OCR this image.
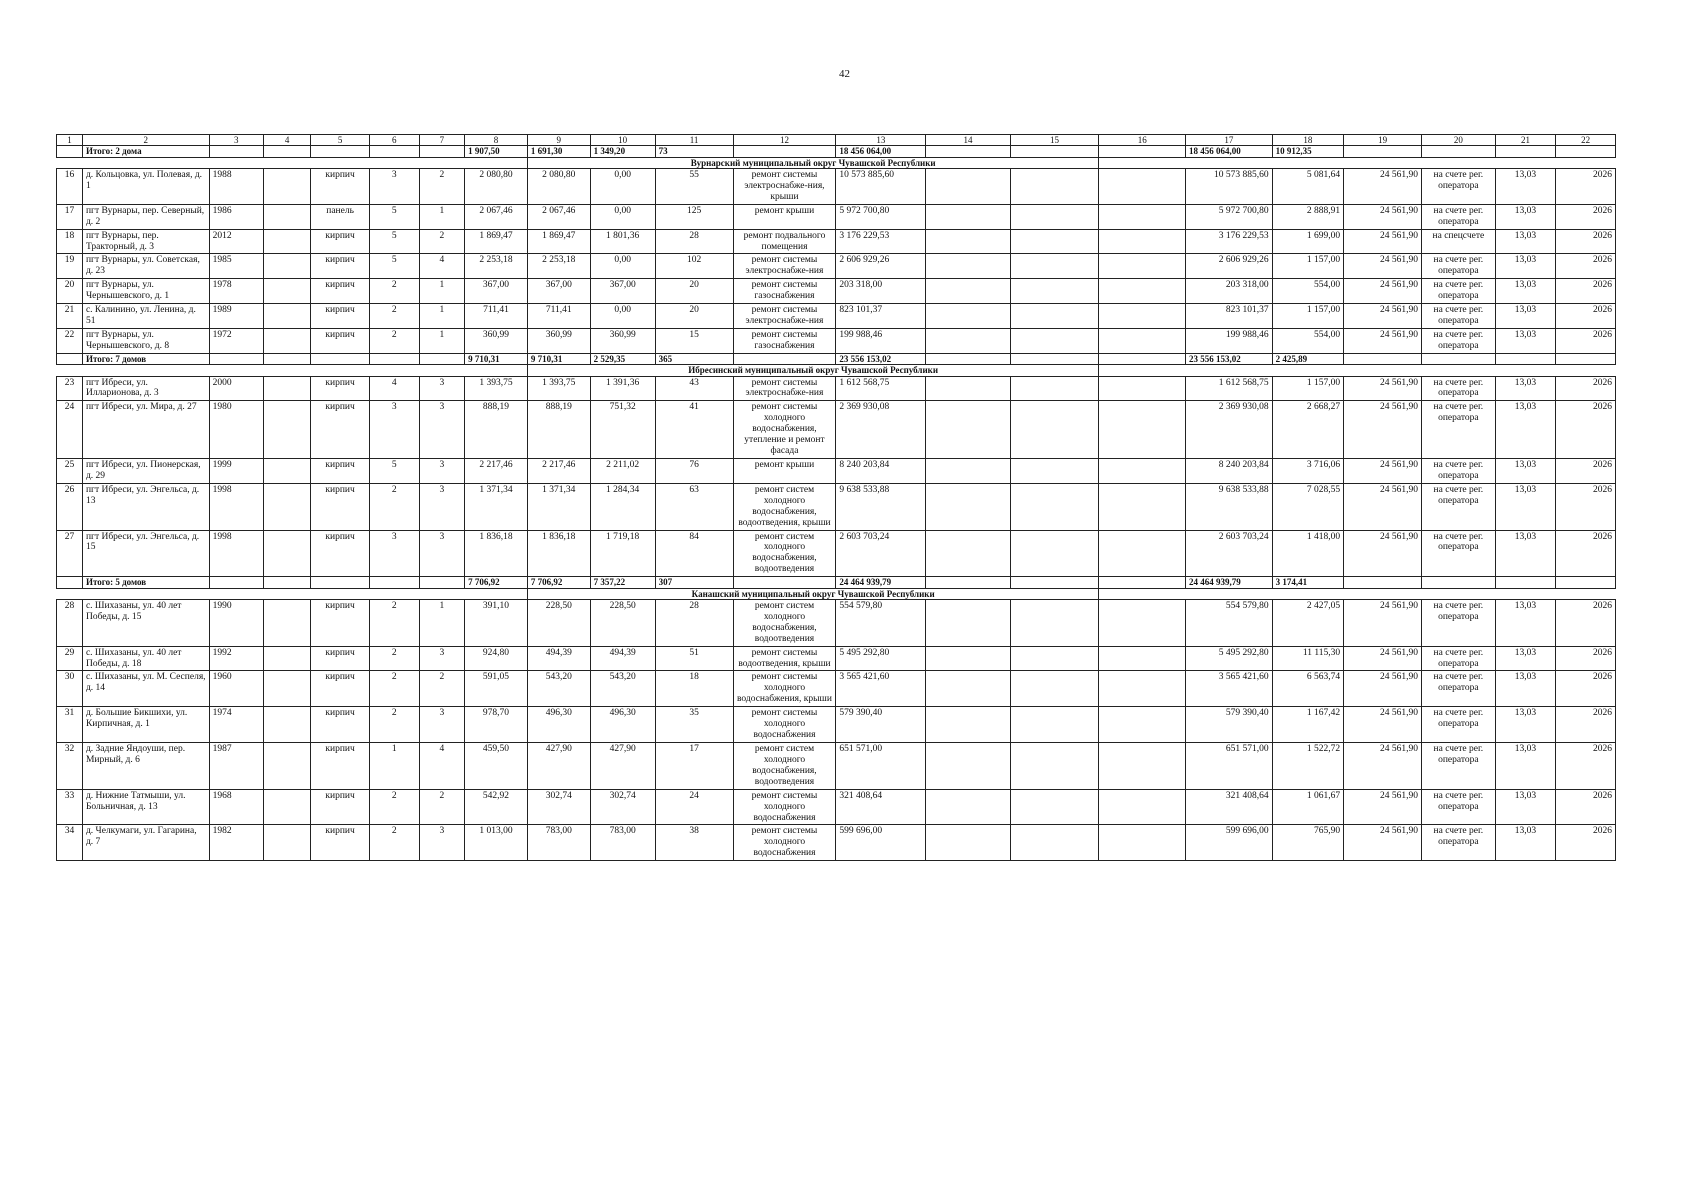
42
1	2	3	4	5	6	7	8	9	10	11	12	13	14	15	16	17	18	19	20	21	22
	Итого: 2 дома						1 907,50	1 691,30	1 349,20	73		18 456 064,00				18 456 064,00	10 912,35				
								Вурнарский муниципальный округ Чувашской Республики													
16	д. Кольцовка, ул. Полевая, д. 1	1988		кирпич	3	2	2 080,80	2 080,80	0,00	55	ремонт системы электроснабже-ния, крыши	10 573 885,60				10 573 885,60	5 081,64	24 561,90	на счете рег. оператора	13,03	2026
17	пгт Вурнары, пер. Северный, д. 2	1986		панель	5	1	2 067,46	2 067,46	0,00	125	ремонт крыши	5 972 700,80				5 972 700,80	2 888,91	24 561,90	на счете рег. оператора	13,03	2026
18	пгт Вурнары, пер. Тракторный, д. 3	2012		кирпич	5	2	1 869,47	1 869,47	1 801,36	28	ремонт подвального помещения	3 176 229,53				3 176 229,53	1 699,00	24 561,90	на спецсчете	13,03	2026
19	пгт Вурнары, ул. Советская, д. 23	1985		кирпич	5	4	2 253,18	2 253,18	0,00	102	ремонт системы электроснабже-ния	2 606 929,26				2 606 929,26	1 157,00	24 561,90	на счете рег. оператора	13,03	2026
20	пгт Вурнары, ул. Чернышевского, д. 1	1978		кирпич	2	1	367,00	367,00	367,00	20	ремонт системы газоснабжения	203 318,00				203 318,00	554,00	24 561,90	на счете рег. оператора	13,03	2026
21	с. Калинино, ул. Ленина, д. 51	1989		кирпич	2	1	711,41	711,41	0,00	20	ремонт системы электроснабже-ния	823 101,37				823 101,37	1 157,00	24 561,90	на счете рег. оператора	13,03	2026
22	пгт Вурнары, ул. Чернышевского, д. 8	1972		кирпич	2	1	360,99	360,99	360,99	15	ремонт системы газоснабжения	199 988,46				199 988,46	554,00	24 561,90	на счете рег. оператора	13,03	2026
	Итого: 7 домов						9 710,31	9 710,31	2 529,35	365		23 556 153,02				23 556 153,02	2 425,89				
								Ибресинский муниципальный округ Чувашской Республики													
23	пгт Ибреси, ул. Илларионова, д. 3	2000		кирпич	4	3	1 393,75	1 393,75	1 391,36	43	ремонт системы электроснабже-ния	1 612 568,75				1 612 568,75	1 157,00	24 561,90	на счете рег. оператора	13,03	2026
24	пгт Ибреси, ул. Мира, д. 27	1980		кирпич	3	3	888,19	888,19	751,32	41	ремонт системы холодного водоснабжения, утепление и ремонт фасада	2 369 930,08				2 369 930,08	2 668,27	24 561,90	на счете рег. оператора	13,03	2026
25	пгт Ибреси, ул. Пионерская, д. 29	1999		кирпич	5	3	2 217,46	2 217,46	2 211,02	76	ремонт крыши	8 240 203,84				8 240 203,84	3 716,06	24 561,90	на счете рег. оператора	13,03	2026
26	пгт Ибреси, ул. Энгельса, д. 13	1998		кирпич	2	3	1 371,34	1 371,34	1 284,34	63	ремонт систем холодного водоснабжения, водоотведения, крыши	9 638 533,88				9 638 533,88	7 028,55	24 561,90	на счете рег. оператора	13,03	2026
27	пгт Ибреси, ул. Энгельса, д. 15	1998		кирпич	3	3	1 836,18	1 836,18	1 719,18	84	ремонт систем холодного водоснабжения, водоотведения	2 603 703,24				2 603 703,24	1 418,00	24 561,90	на счете рег. оператора	13,03	2026
	Итого: 5 домов						7 706,92	7 706,92	7 357,22	307		24 464 939,79				24 464 939,79	3 174,41				
								Канашский муниципальный округ Чувашской Республики													
28	с. Шихазаны, ул. 40 лет Победы, д. 15	1990		кирпич	2	1	391,10	228,50	228,50	28	ремонт систем холодного водоснабжения, водоотведения	554 579,80				554 579,80	2 427,05	24 561,90	на счете рег. оператора	13,03	2026
29	с. Шихазаны, ул. 40 лет Победы, д. 18	1992		кирпич	2	3	924,80	494,39	494,39	51	ремонт системы водоотведения, крыши	5 495 292,80				5 495 292,80	11 115,30	24 561,90	на счете рег. оператора	13,03	2026
30	с. Шихазаны, ул. М. Сеспеля, д. 14	1960		кирпич	2	2	591,05	543,20	543,20	18	ремонт системы холодного водоснабжения, крыши	3 565 421,60				3 565 421,60	6 563,74	24 561,90	на счете рег. оператора	13,03	2026
31	д. Большие Бикшихи, ул. Кирпичная, д. 1	1974		кирпич	2	3	978,70	496,30	496,30	35	ремонт системы холодного водоснабжения	579 390,40				579 390,40	1 167,42	24 561,90	на счете рег. оператора	13,03	2026
32	д. Задние Яндоуши, пер. Мирный, д. 6	1987		кирпич	1	4	459,50	427,90	427,90	17	ремонт систем холодного водоснабжения, водоотведения	651 571,00				651 571,00	1 522,72	24 561,90	на счете рег. оператора	13,03	2026
33	д. Нижние Татмыши, ул. Больничная, д. 13	1968		кирпич	2	2	542,92	302,74	302,74	24	ремонт системы холодного водоснабжения	321 408,64				321 408,64	1 061,67	24 561,90	на счете рег. оператора	13,03	2026
34	д. Челкумаги, ул. Гагарина, д. 7	1982		кирпич	2	3	1 013,00	783,00	783,00	38	ремонт системы холодного водоснабжения	599 696,00				599 696,00	765,90	24 561,90	на счете рег. оператора	13,03	2026
